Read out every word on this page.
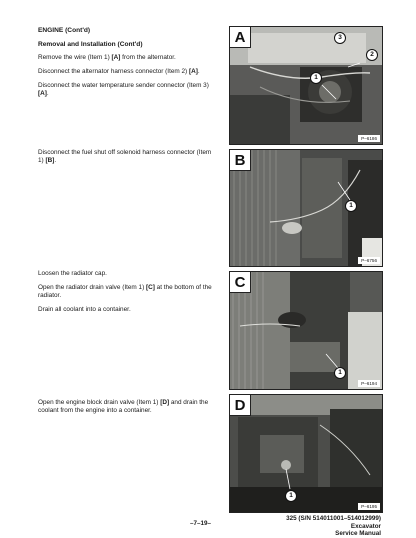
ENGINE (Cont'd)
Removal and Installation (Cont'd)

Remove the wire (Item 1) [A] from the alternator.

Disconnect the alternator harness connector (Item 2) [A].

Disconnect the water temperature sender connector (Item 3) [A].

Disconnect the fuel shut off solenoid harness connector (Item 1) [B].

Loosen the radiator cap.

Open the radiator drain valve (Item 1) [C] at the bottom of the radiator.

Drain all coolant into a container.

Open the engine block drain valve (Item 1) [D] and drain the coolant from the engine into a container.

A	3
2
1
P–6186
B
1
P–6756
C
1
P–6194
D
1
P–6195
–7–19–
325 (S/N 514011001–514012999) Excavator
Service Manual
